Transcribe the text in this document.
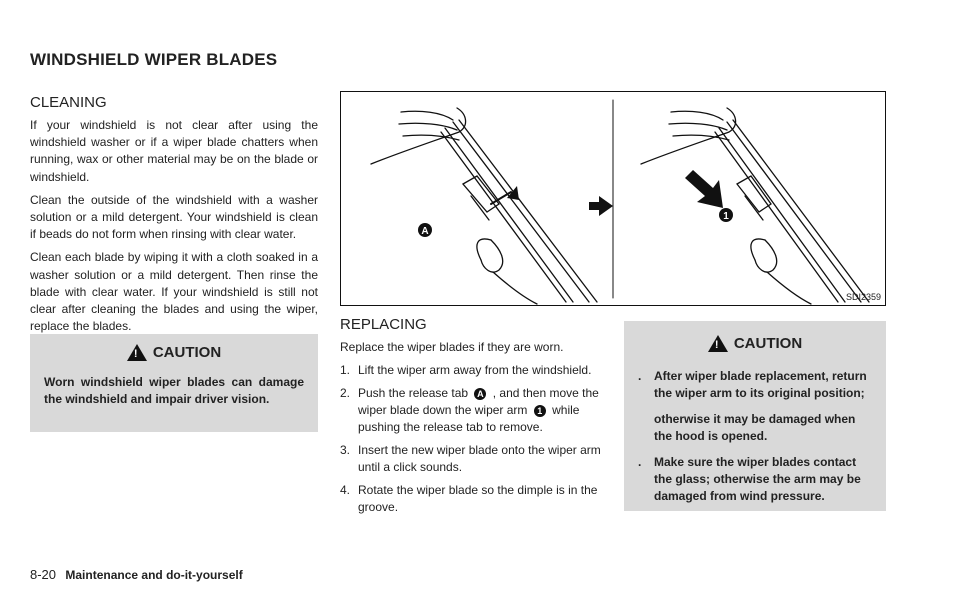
WINDSHIELD WIPER BLADES
CLEANING

If your windshield is not clear after using the windshield washer or if a wiper blade chatters when running, wax or other material may be on the blade or windshield.

Clean the outside of the windshield with a washer solution or a mild detergent. Your windshield is clean if beads do not form when rinsing with clear water.

Clean each blade by wiping it with a cloth soaked in a washer solution or a mild detergent. Then rinse the blade with clear water. If your windshield is still not clear after cleaning the blades and using the wiper, replace the blades.

! CAUTION
Worn windshield wiper blades can damage the windshield and impair driver vision.
A
1
SDI2359
REPLACING
Replace the wiper blades if they are worn.
1. Lift the wiper arm away from the windshield.
2. Push the release tab A , and then move the wiper blade down the wiper arm 1 while pushing the release tab to remove.
3. Insert the new wiper blade onto the wiper arm until a click sounds.
4. Rotate the wiper blade so the dimple is in the groove.
! CAUTION
.	After wiper blade replacement, return the wiper arm to its original position;
otherwise it may be damaged when the hood is opened.
.	Make sure the wiper blades contact the glass; otherwise the arm may be damaged from wind pressure.
8-20 Maintenance and do-it-yourself
